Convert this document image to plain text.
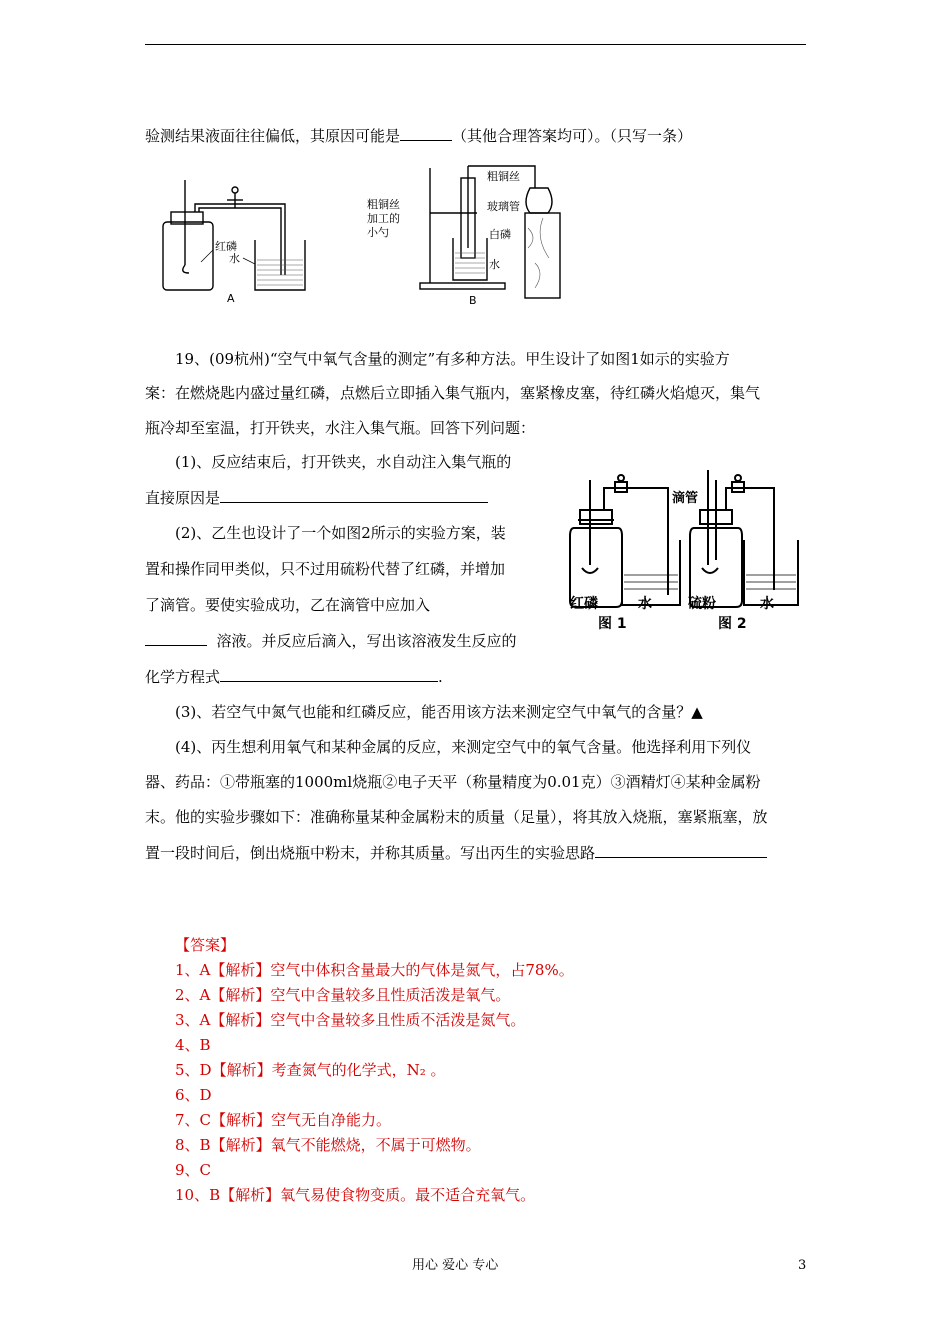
验测结果液面往往偏低，其原因可能是	（其他合理答案均可）。（只写一条）
红磷
水
A
粗铜丝
玻璃管
白磷
水
B
粗铜丝
加工的
小勺
19、(09杭州)“空气中氧气含量的测定”有多种方法。甲生设计了如图1如示的实验方
案：在燃烧匙内盛过量红磷，点燃后立即插入集气瓶内，塞紧橡皮塞，待红磷火焰熄灭，集气
瓶冷却至室温，打开铁夹，水注入集气瓶。回答下列问题：
(1)、反应结束后，打开铁夹，水自动注入集气瓶的
直接原因是
(2)、乙生也设计了一个如图2所示的实验方案，装
置和操作同甲类似，只不过用硫粉代替了红磷，并增加
了滴管。要使实验成功，乙在滴管中应加入
溶液。并反应后滴入，写出该溶液发生反应的
化学方程式	.
(3)、若空气中氮气也能和红磷反应，能否用该方法来测定空气中氧气的含量？▲
(4)、丙生想利用氧气和某种金属的反应，来测定空气中的氧气含量。他选择利用下列仪
器、药品：①带瓶塞的1000ml烧瓶②电子天平（称量精度为0.01克）③酒精灯④某种金属粉
末。他的实验步骤如下：准确称量某种金属粉末的质量（足量），将其放入烧瓶，塞紧瓶塞，放
置一段时间后，倒出烧瓶中粉末，并称其质量。写出丙生的实验思路
滴管
红磷	水	硫粉	水
图 1	图 2
【答案】
1、A【解析】空气中体积含量最大的气体是氮气，占78%。
2、A【解析】空气中含量较多且性质活泼是氧气。
3、A【解析】空气中含量较多且性质不活泼是氮气。
4、B
5、D【解析】考查氮气的化学式，N₂ 。
6、D
7、C【解析】空气无自净能力。
8、B【解析】氧气不能燃烧，不属于可燃物。
9、C
10、B【解析】氧气易使食物变质。最不适合充氧气。
用心 爱心 专心	3
